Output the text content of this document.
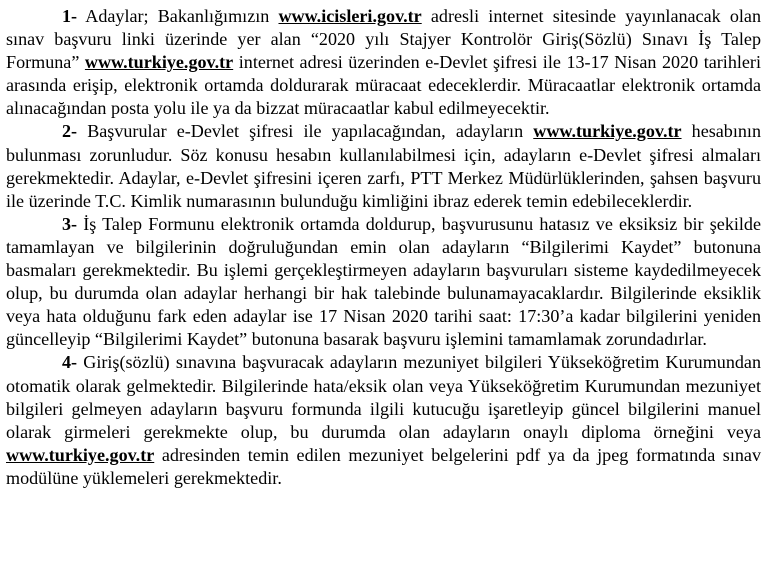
1- Adaylar; Bakanlığımızın www.icisleri.gov.tr adresli internet sitesinde yayınlanacak olan sınav başvuru linki üzerinde yer alan “2020 yılı Stajyer Kontrolör Giriş(Sözlü) Sınavı İş Talep Formuna” www.turkiye.gov.tr internet adresi üzerinden e-Devlet şifresi ile 13-17 Nisan 2020 tarihleri arasında erişip, elektronik ortamda doldurarak müracaat edeceklerdir. Müracaatlar elektronik ortamda alınacağından posta yolu ile ya da bizzat müracaatlar kabul edilmeyecektir.

2- Başvurular e-Devlet şifresi ile yapılacağından, adayların www.turkiye.gov.tr hesabının bulunması zorunludur. Söz konusu hesabın kullanılabilmesi için, adayların e-Devlet şifresi almaları gerekmektedir. Adaylar, e-Devlet şifresini içeren zarfı, PTT Merkez Müdürlüklerinden, şahsen başvuru ile üzerinde T.C. Kimlik numarasının bulunduğu kimliğini ibraz ederek temin edebileceklerdir.

3- İş Talep Formunu elektronik ortamda doldurup, başvurusunu hatasız ve eksiksiz bir şekilde tamamlayan ve bilgilerinin doğruluğundan emin olan adayların “Bilgilerimi Kaydet” butonuna basmaları gerekmektedir. Bu işlemi gerçekleştirmeyen adayların başvuruları sisteme kaydedilmeyecek olup, bu durumda olan adaylar herhangi bir hak talebinde bulunamayacaklardır. Bilgilerinde eksiklik veya hata olduğunu fark eden adaylar ise 17 Nisan 2020 tarihi saat: 17:30’a kadar bilgilerini yeniden güncelleyip “Bilgilerimi Kaydet” butonuna basarak başvuru işlemini tamamlamak zorundadırlar.

4- Giriş(sözlü) sınavına başvuracak adayların mezuniyet bilgileri Yükseköğretim Kurumundan otomatik olarak gelmektedir. Bilgilerinde hata/eksik olan veya Yükseköğretim Kurumundan mezuniyet bilgileri gelmeyen adayların başvuru formunda ilgili kutucuğu işaretleyip güncel bilgilerini manuel olarak girmeleri gerekmekte olup, bu durumda olan adayların onaylı diploma örneğini veya www.turkiye.gov.tr adresinden temin edilen mezuniyet belgelerini pdf ya da jpeg formatında sınav modülüne yüklemeleri gerekmektedir.
